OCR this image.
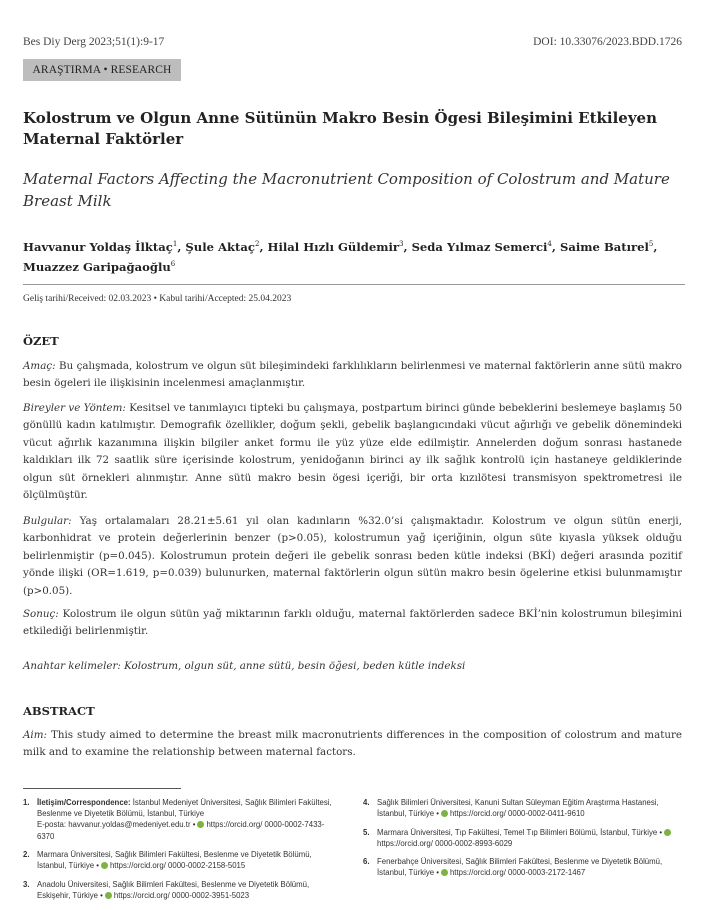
Bes Diy Derg 2023;51(1):9-17	DOI: 10.33076/2023.BDD.1726
ARAŞTIRMA • RESEARCH
Kolostrum ve Olgun Anne Sütünün Makro Besin Ögesi Bileşimini Etkileyen Maternal Faktörler
Maternal Factors Affecting the Macronutrient Composition of Colostrum and Mature Breast Milk
Havvanur Yoldaş İlktaç$^1$, Şule Aktaç$^2$, Hilal Hızlı Güldemir$^3$, Seda Yılmaz Semerci$^4$, Saime Batırel$^5$,
Muazzez Garipağaoğlu$^6$
Geliş tarihi/Received: 02.03.2023 • Kabul tarihi/Accepted: 25.04.2023
ÖZET
Amaç: Bu çalışmada, kolostrum ve olgun süt bileşimindeki farklılıkların belirlenmesi ve maternal faktörlerin anne sütü makro besin ögeleri ile ilişkisinin incelenmesi amaçlanmıştır.
Bireyler ve Yöntem: Kesitsel ve tanımlayıcı tipteki bu çalışmaya, postpartum birinci günde bebeklerini beslemeye başlamış 50 gönüllü kadın katılmıştır. Demografik özellikler, doğum şekli, gebelik başlangıcındaki vücut ağırlığı ve gebelik dönemindeki vücut ağırlık kazanımına ilişkin bilgiler anket formu ile yüz yüze elde edilmiştir. Annelerden doğum sonrası hastanede kaldıkları ilk 72 saatlik süre içerisinde kolostrum, yenidoğanın birinci ay ilk sağlık kontrolü için hastaneye geldiklerinde olgun süt örnekleri alınmıştır. Anne sütü makro besin ögesi içeriği, bir orta kızılötesi transmisyon spektrometresi ile ölçülmüştür.
Bulgular: Yaş ortalamaları 28.21±5.61 yıl olan kadınların %32.0’si çalışmaktadır. Kolostrum ve olgun sütün enerji, karbonhidrat ve protein değerlerinin benzer (p>0.05), kolostrumun yağ içeriğinin, olgun süte kıyasla yüksek olduğu belirlenmiştir (p=0.045). Kolostrumun protein değeri ile gebelik sonrası beden kütle indeksi (BKİ) değeri arasında pozitif yönde ilişki (OR=1.619, p=0.039) bulunurken, maternal faktörlerin olgun sütün makro besin ögelerine etkisi bulunmamıştır (p>0.05).
Sonuç: Kolostrum ile olgun sütün yağ miktarının farklı olduğu, maternal faktörlerden sadece BKİ’nin kolostrumun bileşimini etkilediği belirlenmiştir.
Anahtar kelimeler: Kolostrum, olgun süt, anne sütü, besin öğesi, beden kütle indeksi
ABSTRACT
Aim: This study aimed to determine the breast milk macronutrients differences in the composition of colostrum and mature milk and to examine the relationship between maternal factors.
1. İletişim/Correspondence: İstanbul Medeniyet Üniversitesi, Sağlık Bilimleri Fakültesi, Beslenme ve Diyetetik Bölümü, İstanbul, Türkiye
E-posta: havvanur.yoldas@medeniyet.edu.tr • https://orcid.org/ 0000-0002-7433-6370
2. Marmara Üniversitesi, Sağlık Bilimleri Fakültesi, Beslenme ve Diyetetik Bölümü, İstanbul, Türkiye • https://orcid.org/ 0000-0002-2158-5015
3. Anadolu Üniversitesi, Sağlık Bilimleri Fakültesi, Beslenme ve Diyetetik Bölümü, Eskişehir, Türkiye • https://orcid.org/ 0000-0002-3951-5023
4. Sağlık Bilimleri Üniversitesi, Kanuni Sultan Süleyman Eğitim Araştırma Hastanesi, İstanbul, Türkiye • https://orcid.org/ 0000-0002-0411-9610
5. Marmara Üniversitesi, Tıp Fakültesi, Temel Tıp Bilimleri Bölümü, İstanbul, Türkiye •https://orcid.org/ 0000-0002-8993-6029
6. Fenerbahçe Üniversitesi, Sağlık Bilimleri Fakültesi, Beslenme ve Diyetetik Bölümü, İstanbul, Türkiye • https://orcid.org/ 0000-0003-2172-1467
